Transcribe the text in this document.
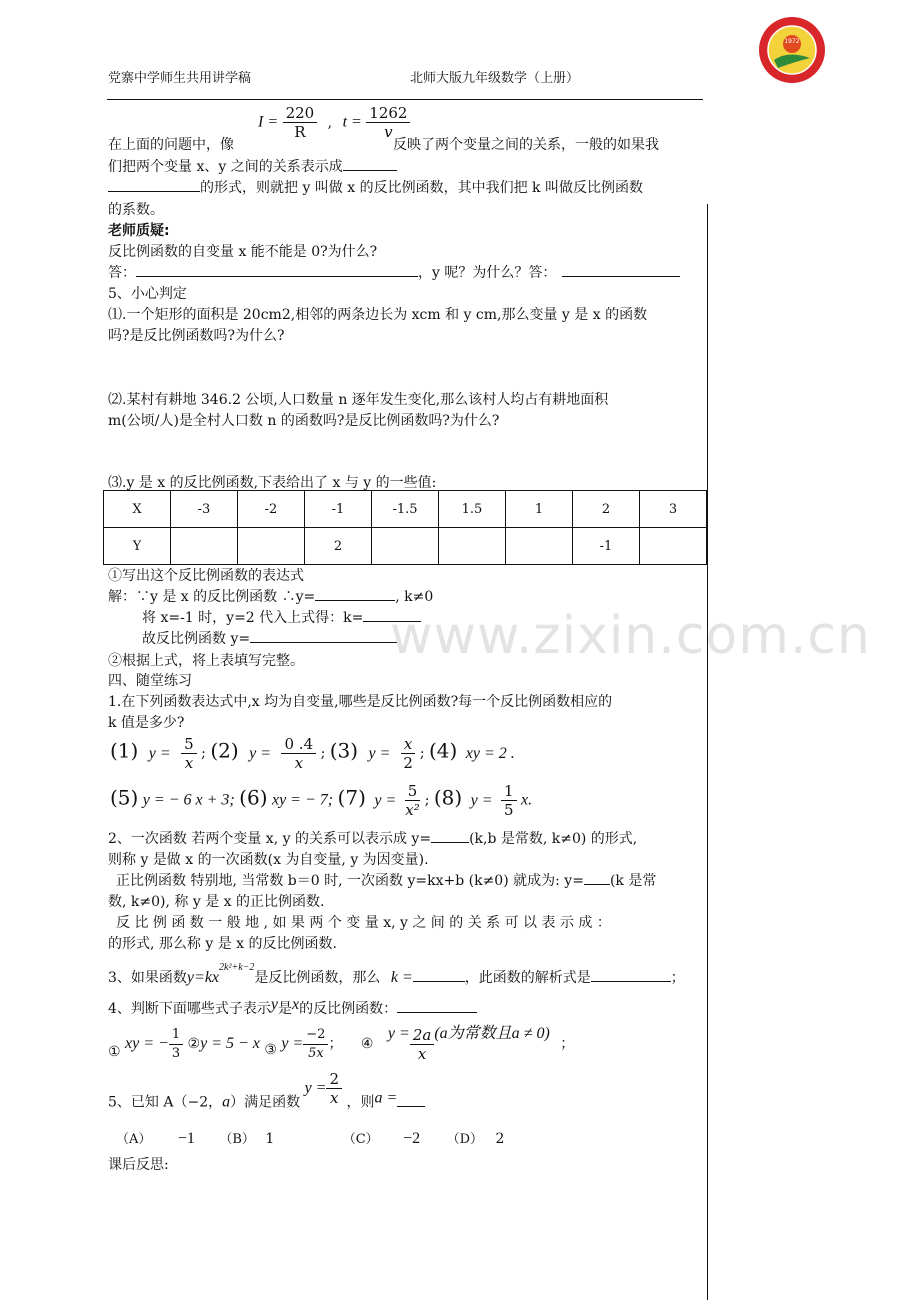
党寨中学师生共用讲学稿	北师大版九年级数学（上册）
1972
$I = \frac{220}{R}$ , $t = \frac{1262}{v}$
在上面的问题中，像	反映了两个变量之间的关系，一般的如果我
们把两个变量 x、y 之间的关系表示成
的形式，则就把 y 叫做 x 的反比例函数，其中我们把 k 叫做反比例函数
的系数。
老师质疑:
反比例函数的自变量 x 能不能是 0?为什么?
答：	，y 呢？为什么？答：
5、小心判定
⑴.一个矩形的面积是 20cm2,相邻的两条边长为 xcm 和 y cm,那么变量 y 是 x 的函数
吗?是反比例函数吗?为什么?
⑵.某村有耕地 346.2 公顷,人口数量 n 逐年发生变化,那么该村人均占有耕地面积
m(公顷/人)是全村人口数 n 的函数吗?是反比例函数吗?为什么?
⑶.y 是 x 的反比例函数,下表给出了 x 与 y 的一些值:
X	-3	-2	-1	-1.5	1.5	1	2	3
Y			2				-1	
①写出这个反比例函数的表达式
解：∵y 是 x 的反比例函数 ∴y=	, k≠0
将 x=-1 时，y=2 代入上式得：k=
故反比例函数 y=	www.zixin.com.cn
②根据上式，将上表填写完整。
四、随堂练习
1.在下列函数表达式中,x 均为自变量,哪些是反比例函数?每一个反比例函数相应的
k 值是多少?
(1) $y = \frac{5}{x}$ ; (2) $y = \frac{0 .4}{x}$ ; (3) $y = \frac{x}{2}$ ; (4) xy = 2 .
(5) y = − 6 x + 3; (6) xy = − 7; (7) $y = \frac{5}{\text{x²}}$ ; (8) $y = \frac{1}{5} x$.
2、一次函数 若两个变量 x, y 的关系可以表示成 y=	(k,b 是常数, k≠0) 的形式,
则称 y 是做 x 的一次函数(x 为自变量, y 为因变量).
正比例函数 特别地, 当常数 b＝0 时, 一次函数 y=kx+b (k≠0) 就成为: y= (k 是常
数, k≠0), 称 y 是 x 的正比例函数.
反 比 例 函 数 一 般 地 , 如 果 两 个 变 量 x, y 之 间 的 关 系 可 以 表 示 成 ：
的形式, 那么称 y 是 x 的反比例函数.
3、如果函数$y=kx^{2k^2+k-2}$是反比例函数，那么 k =	，此函数的解析式是	；
4、判断下面哪些式子表示y是x的反比例函数：
① xy = − $\frac{1}{3}$ ②y = 5 − x ③ $y = \frac{-2}{5x}$ ； ④ $y = \frac{2a}{x} (a$为常数且a ≠ 0) ；
5、已知 A（−2，a）满足函数 $y = \frac{2}{x}$ ，则a =
（A） −1 （B） 1	（C） −2 （D） 2
课后反思:
